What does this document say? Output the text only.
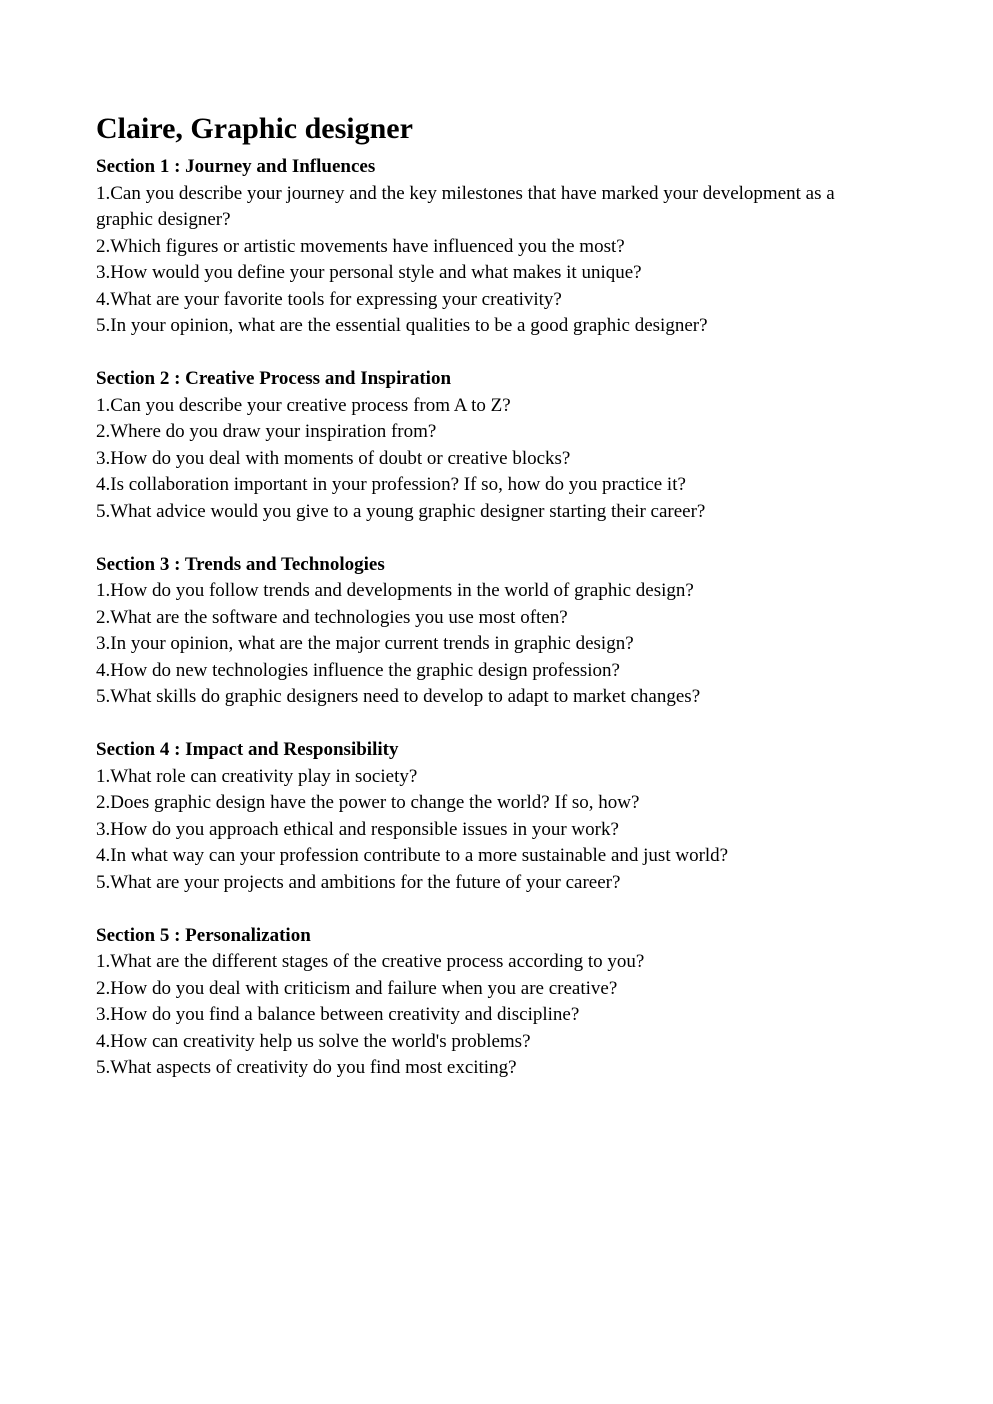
Claire, Graphic designer

Section 1 : Journey and Influences

1.Can you describe your journey and the key milestones that have marked your development as a graphic designer?

2.Which figures or artistic movements have influenced you the most?

3.How would you define your personal style and what makes it unique?

4.What are your favorite tools for expressing your creativity?

5.In your opinion, what are the essential qualities to be a good graphic designer?

Section 2 : Creative Process and Inspiration

1.Can you describe your creative process from A to Z?

2.Where do you draw your inspiration from?

3.How do you deal with moments of doubt or creative blocks?

4.Is collaboration important in your profession? If so, how do you practice it?

5.What advice would you give to a young graphic designer starting their career?

Section 3 : Trends and Technologies

1.How do you follow trends and developments in the world of graphic design?

2.What are the software and technologies you use most often?

3.In your opinion, what are the major current trends in graphic design?

4.How do new technologies influence the graphic design profession?

5.What skills do graphic designers need to develop to adapt to market changes?

Section 4 : Impact and Responsibility

1.What role can creativity play in society?

2.Does graphic design have the power to change the world? If so, how?

3.How do you approach ethical and responsible issues in your work?

4.In what way can your profession contribute to a more sustainable and just world?

5.What are your projects and ambitions for the future of your career?

Section 5 : Personalization

1.What are the different stages of the creative process according to you?

2.How do you deal with criticism and failure when you are creative?

3.How do you find a balance between creativity and discipline?

4.How can creativity help us solve the world's problems?

5.What aspects of creativity do you find most exciting?
